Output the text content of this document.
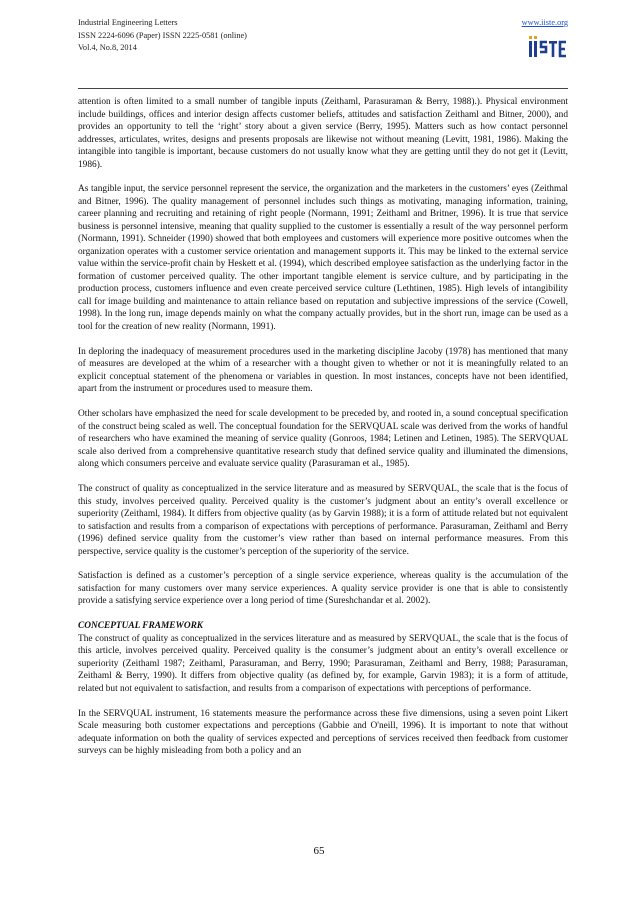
Industrial Engineering Letters
ISSN 2224-6096 (Paper) ISSN 2225-0581 (online)
Vol.4, No.8, 2014
www.iiste.org

attention is often limited to a small number of tangible inputs (Zeithaml, Parasuraman & Berry, 1988).). Physical environment include buildings, offices and interior design affects customer beliefs, attitudes and satisfaction Zeithaml and Bitner, 2000), and provides an opportunity to tell the ‘right’ story about a given service (Berry, 1995). Matters such as how contact personnel addresses, articulates, writes, designs and presents proposals are likewise not without meaning (Levitt, 1981, 1986). Making the intangible into tangible is important, because customers do not usually know what they are getting until they do not get it (Levitt, 1986).

As tangible input, the service personnel represent the service, the organization and the marketers in the customers’ eyes (Zeithmal and Bitner, 1996). The quality management of personnel includes such things as motivating, managing information, training, career planning and recruiting and retaining of right people (Normann, 1991; Zeithaml and Britner, 1996). It is true that service business is personnel intensive, meaning that quality supplied to the customer is essentially a result of the way personnel perform (Normann, 1991). Schneider (1990) showed that both employees and customers will experience more positive outcomes when the organization operates with a customer service orientation and management supports it. This may be linked to the external service value within the service-profit chain by Heskett et al. (1994), which described employee satisfaction as the underlying factor in the formation of customer perceived quality. The other important tangible element is service culture, and by participating in the production process, customers influence and even create perceived service culture (Lethtinen, 1985). High levels of intangibility call for image building and maintenance to attain reliance based on reputation and subjective impressions of the service (Cowell, 1998). In the long run, image depends mainly on what the company actually provides, but in the short run, image can be used as a tool for the creation of new reality (Normann, 1991).

In deploring the inadequacy of measurement procedures used in the marketing discipline Jacoby (1978) has mentioned that many of measures are developed at the whim of a researcher with a thought given to whether or not it is meaningfully related to an explicit conceptual statement of the phenomena or variables in question. In most instances, concepts have not been identified, apart from the instrument or procedures used to measure them.

Other scholars have emphasized the need for scale development to be preceded by, and rooted in, a sound conceptual specification of the construct being scaled as well. The conceptual foundation for the SERVQUAL scale was derived from the works of handful of researchers who have examined the meaning of service quality (Gonroos, 1984; Letinen and Letinen, 1985). The SERVQUAL scale also derived from a comprehensive quantitative research study that defined service quality and illuminated the dimensions, along which consumers perceive and evaluate service quality (Parasuraman et al., 1985).

The construct of quality as conceptualized in the service literature and as measured by SERVQUAL, the scale that is the focus of this study, involves perceived quality. Perceived quality is the customer’s judgment about an entity’s overall excellence or superiority (Zeithaml, 1984). It differs from objective quality (as by Garvin 1988); it is a form of attitude related but not equivalent to satisfaction and results from a comparison of expectations with perceptions of performance. Parasuraman, Zeithaml and Berry (1996) defined service quality from the customer’s view rather than based on internal performance measures. From this perspective, service quality is the customer’s perception of the superiority of the service.

Satisfaction is defined as a customer’s perception of a single service experience, whereas quality is the accumulation of the satisfaction for many customers over many service experiences. A quality service provider is one that is able to consistently provide a satisfying service experience over a long period of time (Sureshchandar et al. 2002).

CONCEPTUAL FRAMEWORK

The construct of quality as conceptualized in the services literature and as measured by SERVQUAL, the scale that is the focus of this article, involves perceived quality. Perceived quality is the consumer’s judgment about an entity’s overall excellence or superiority (Zeithaml 1987; Zeithaml, Parasuraman, and Berry, 1990; Parasuraman, Zeithaml and Berry, 1988; Parasuraman, Zeithaml & Berry, 1990). It differs from objective quality (as defined by, for example, Garvin 1983); it is a form of attitude, related but not equivalent to satisfaction, and results from a comparison of expectations with perceptions of performance.

In the SERVQUAL instrument, 16 statements measure the performance across these five dimensions, using a seven point Likert Scale measuring both customer expectations and perceptions (Gabbie and O'neill, 1996). It is important to note that without adequate information on both the quality of services expected and perceptions of services received then feedback from customer surveys can be highly misleading from both a policy and an

65
